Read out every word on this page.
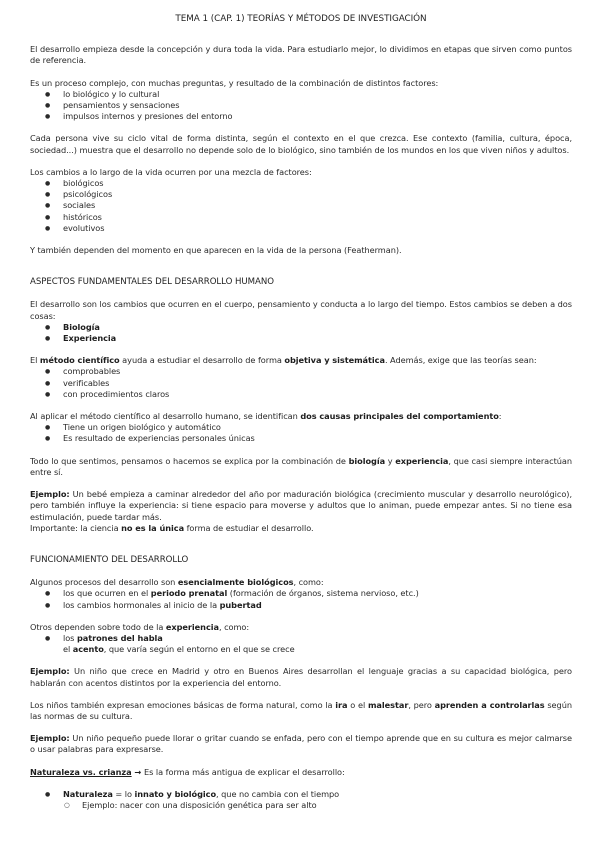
TEMA 1 (CAP. 1) TEORÍAS Y MÉTODOS DE INVESTIGACIÓN

El desarrollo empieza desde la concepción y dura toda la vida. Para estudiarlo mejor, lo dividimos en etapas que sirven como puntos de referencia.

Es un proceso complejo, con muchas preguntas, y resultado de la combinación de distintos factores:

● lo biológico y lo cultural
● pensamientos y sensaciones
● impulsos internos y presiones del entorno

Cada persona vive su ciclo vital de forma distinta, según el contexto en el que crezca. Ese contexto (familia, cultura, época, sociedad...) muestra que el desarrollo no depende solo de lo biológico, sino también de los mundos en los que viven niños y adultos.

Los cambios a lo largo de la vida ocurren por una mezcla de factores:

● biológicos
● psicológicos
● sociales
● históricos
● evolutivos

Y también dependen del momento en que aparecen en la vida de la persona (Featherman).

ASPECTOS FUNDAMENTALES DEL DESARROLLO HUMANO

El desarrollo son los cambios que ocurren en el cuerpo, pensamiento y conducta a lo largo del tiempo. Estos cambios se deben a dos cosas:

● Biología
● Experiencia

El método científico ayuda a estudiar el desarrollo de forma objetiva y sistemática. Además, exige que las teorías sean:

● comprobables
● verificables
● con procedimientos claros

Al aplicar el método científico al desarrollo humano, se identifican dos causas principales del comportamiento:

● Tiene un origen biológico y automático
● Es resultado de experiencias personales únicas

Todo lo que sentimos, pensamos o hacemos se explica por la combinación de biología y experiencia, que casi siempre interactúan entre sí.

Ejemplo: Un bebé empieza a caminar alrededor del año por maduración biológica (crecimiento muscular y desarrollo neurológico), pero también influye la experiencia: si tiene espacio para moverse y adultos que lo animan, puede empezar antes. Si no tiene esa estimulación, puede tardar más.

Importante: la ciencia no es la única forma de estudiar el desarrollo.

FUNCIONAMIENTO DEL DESARROLLO

Algunos procesos del desarrollo son esencialmente biológicos, como:

● los que ocurren en el periodo prenatal (formación de órganos, sistema nervioso, etc.)
● los cambios hormonales al inicio de la pubertad

Otros dependen sobre todo de la experiencia, como:

● los patrones del habla
el acento, que varía según el entorno en el que se crece

Ejemplo: Un niño que crece en Madrid y otro en Buenos Aires desarrollan el lenguaje gracias a su capacidad biológica, pero hablarán con acentos distintos por la experiencia del entorno.

Los niños también expresan emociones básicas de forma natural, como la ira o el malestar, pero aprenden a controlarlas según las normas de su cultura.

Ejemplo: Un niño pequeño puede llorar o gritar cuando se enfada, pero con el tiempo aprende que en su cultura es mejor calmarse o usar palabras para expresarse.

Naturaleza vs. crianza → Es la forma más antigua de explicar el desarrollo:

● Naturaleza = lo innato y biológico, que no cambia con el tiempo
○ Ejemplo: nacer con una disposición genética para ser alto
